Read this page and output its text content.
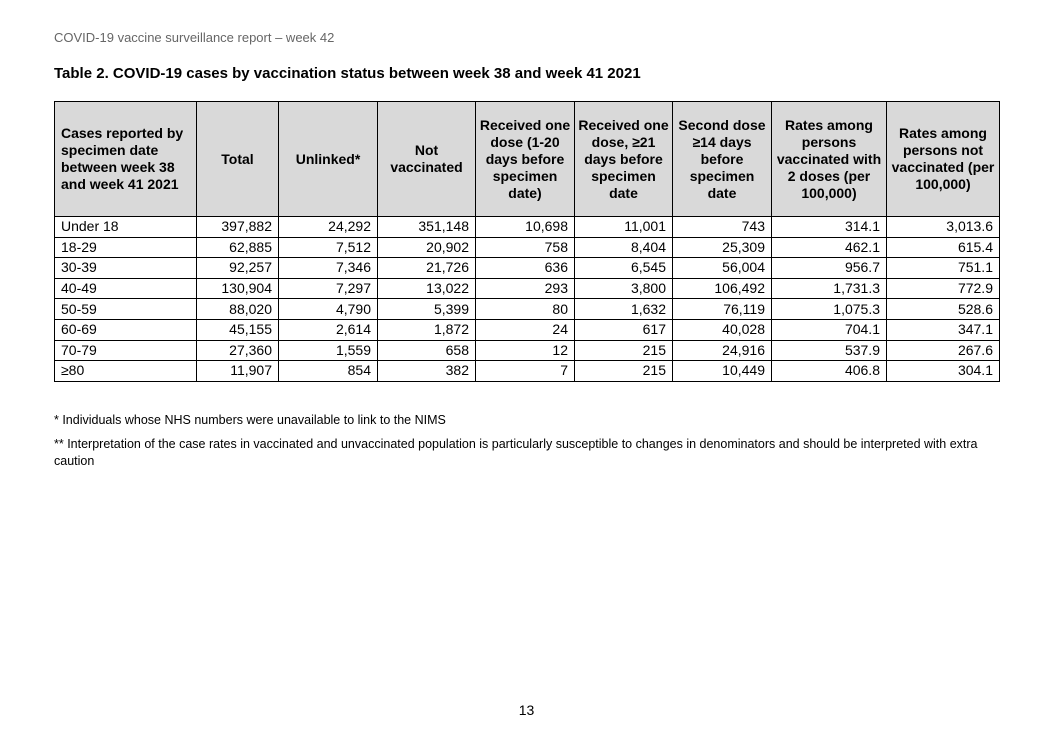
COVID-19 vaccine surveillance report – week 42
Table 2. COVID-19 cases by vaccination status between week 38 and week 41 2021
Cases reported by specimen date between week 38 and week 41 2021	Total	Unlinked*	Not vaccinated	Received one dose (1-20 days before specimen date)	Received one dose, ≥21 days before specimen date	Second dose ≥14 days before specimen date	Rates among persons vaccinated with 2 doses (per 100,000)	Rates among persons not vaccinated (per 100,000)
Under 18	397,882	24,292	351,148	10,698	11,001	743	314.1	3,013.6
18-29	62,885	7,512	20,902	758	8,404	25,309	462.1	615.4
30-39	92,257	7,346	21,726	636	6,545	56,004	956.7	751.1
40-49	130,904	7,297	13,022	293	3,800	106,492	1,731.3	772.9
50-59	88,020	4,790	5,399	80	1,632	76,119	1,075.3	528.6
60-69	45,155	2,614	1,872	24	617	40,028	704.1	347.1
70-79	27,360	1,559	658	12	215	24,916	537.9	267.6
≥80	11,907	854	382	7	215	10,449	406.8	304.1

* Individuals whose NHS numbers were unavailable to link to the NIMS

** Interpretation of the case rates in vaccinated and unvaccinated population is particularly susceptible to changes in denominators and should be interpreted with extra caution

13
